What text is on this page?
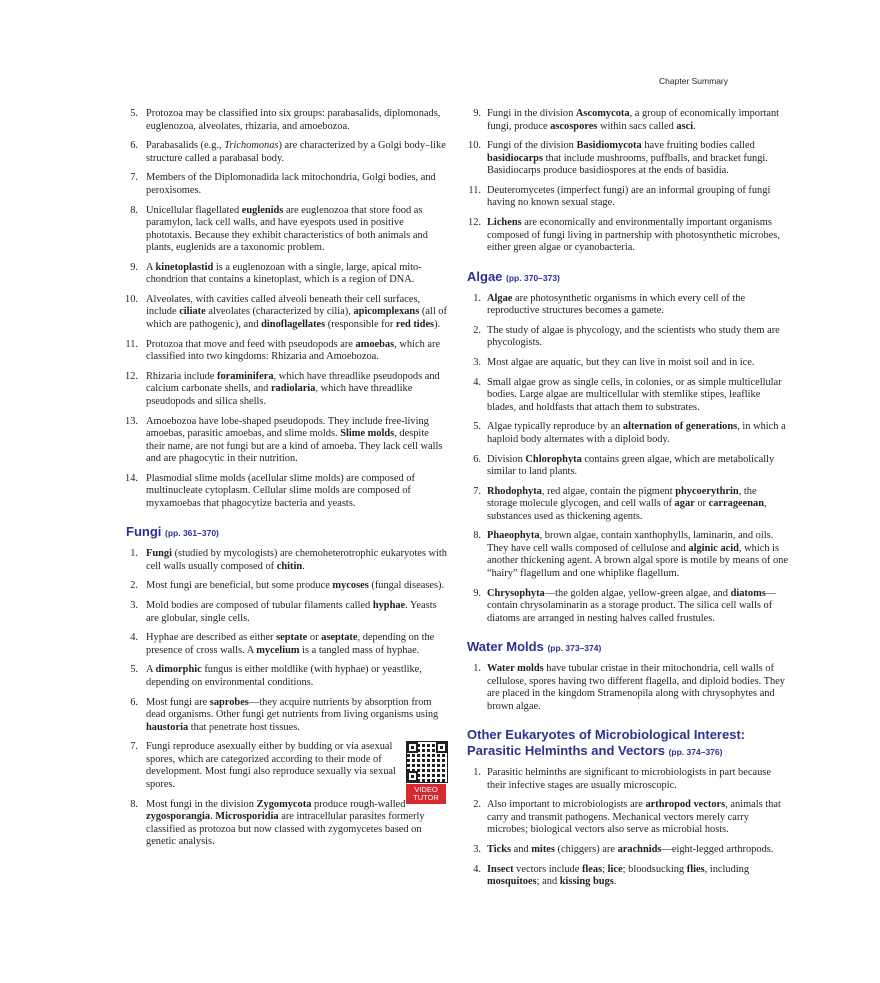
Chapter Summary
5. Protozoa may be classified into six groups: parabasalids, diplomonads, euglenozoa, alveolates, rhizaria, and amoebozoa.
6. Parabasalids (e.g., Trichomonas) are characterized by a Golgi body–like structure called a parabasal body.
7. Members of the Diplomonadida lack mitochondria, Golgi bodies, and peroxisomes.
8. Unicellular flagellated euglenids are euglenozoa that store food as paramylon, lack cell walls, and have eyespots used in positive phototaxis. Because they exhibit characteristics of both animals and plants, euglenids are a taxonomic problem.
9. A kinetoplastid is a euglenozoan with a single, large, apical mitochondrion that contains a kinetoplast, which is a region of DNA.
10. Alveolates, with cavities called alveoli beneath their cell surfaces, include ciliate alveolates (characterized by cilia), apicomplexans (all of which are pathogenic), and dinoflagellates (responsible for red tides).
11. Protozoa that move and feed with pseudopods are amoebas, which are classified into two kingdoms: Rhizaria and Amoebozoa.
12. Rhizaria include foraminifera, which have threadlike pseudopods and calcium carbonate shells, and radiolaria, which have threadlike pseudopods and silica shells.
13. Amoebozoa have lobe-shaped pseudopods. They include free-living amoebas, parasitic amoebas, and slime molds. Slime molds, despite their name, are not fungi but are a kind of amoeba. They lack cell walls and are phagocytic in their nutrition.
14. Plasmodial slime molds (acellular slime molds) are composed of multinucleate cytoplasm. Cellular slime molds are composed of myxamoebas that phagocytize bacteria and yeasts.
Fungi (pp. 361–370)
1. Fungi (studied by mycologists) are chemoheterotrophic eukaryotes with cell walls usually composed of chitin.
2. Most fungi are beneficial, but some produce mycoses (fungal diseases).
3. Mold bodies are composed of tubular filaments called hyphae. Yeasts are globular, single cells.
4. Hyphae are described as either septate or aseptate, depending on the presence of cross walls. A mycelium is a tangled mass of hyphae.
5. A dimorphic fungus is either moldlike (with hyphae) or yeastlike, depending on environmental conditions.
6. Most fungi are saprobes—they acquire nutrients by absorption from dead organisms. Other fungi get nutrients from living organisms using haustoria that penetrate host tissues.
7. Fungi reproduce asexually either by budding or via asexual spores, which are categorized according to their mode of development. Most fungi also reproduce sexually via sexual spores.	VIDEO TUTOR
8. Most fungi in the division Zygomycota produce rough-walled zygosporangia. Microsporidia are intracellular parasites formerly classified as protozoa but now classed with zygomycetes based on genetic analysis.
9. Fungi in the division Ascomycota, a group of economically important fungi, produce ascospores within sacs called asci.
10. Fungi of the division Basidiomycota have fruiting bodies called basidiocarps that include mushrooms, puffballs, and bracket fungi. Basidiocarps produce basidiospores at the ends of basidia.
11. Deuteromycetes (imperfect fungi) are an informal grouping of fungi having no known sexual stage.
12. Lichens are economically and environmentally important organisms composed of fungi living in partnership with photosynthetic microbes, either green algae or cyanobacteria.
Algae (pp. 370–373)
1. Algae are photosynthetic organisms in which every cell of the reproductive structures becomes a gamete.
2. The study of algae is phycology, and the scientists who study them are phycologists.
3. Most algae are aquatic, but they can live in moist soil and in ice.
4. Small algae grow as single cells, in colonies, or as simple multicellular bodies. Large algae are multicellular with stemlike stipes, leaflike blades, and holdfasts that attach them to substrates.
5. Algae typically reproduce by an alternation of generations, in which a haploid body alternates with a diploid body.
6. Division Chlorophyta contains green algae, which are metabolically similar to land plants.
7. Rhodophyta, red algae, contain the pigment phycoerythrin, the storage molecule glycogen, and cell walls of agar or carrageenan, substances used as thickening agents.
8. Phaeophyta, brown algae, contain xanthophylls, laminarin, and oils. They have cell walls composed of cellulose and alginic acid, which is another thickening agent. A brown algal spore is motile by means of one “hairy” flagellum and one whiplike flagellum.
9. Chrysophyta—the golden algae, yellow-green algae, and diatoms—contain chrysolaminarin as a storage product. The silica cell walls of diatoms are arranged in nesting halves called frustules.
Water Molds (pp. 373–374)
1. Water molds have tubular cristae in their mitochondria, cell walls of cellulose, spores having two different flagella, and diploid bodies. They are placed in the kingdom Stramenopila along with chrysophytes and brown algae.
Other Eukaryotes of Microbiological Interest:
Parasitic Helminths and Vectors (pp. 374–376)
1. Parasitic helminths are significant to microbiologists in part because their infective stages are usually microscopic.
2. Also important to microbiologists are arthropod vectors, animals that carry and transmit pathogens. Mechanical vectors merely carry microbes; biological vectors also serve as microbial hosts.
3. Ticks and mites (chiggers) are arachnids—eight-legged arthropods.
4. Insect vectors include fleas; lice; bloodsucking flies, including mosquitoes; and kissing bugs.
